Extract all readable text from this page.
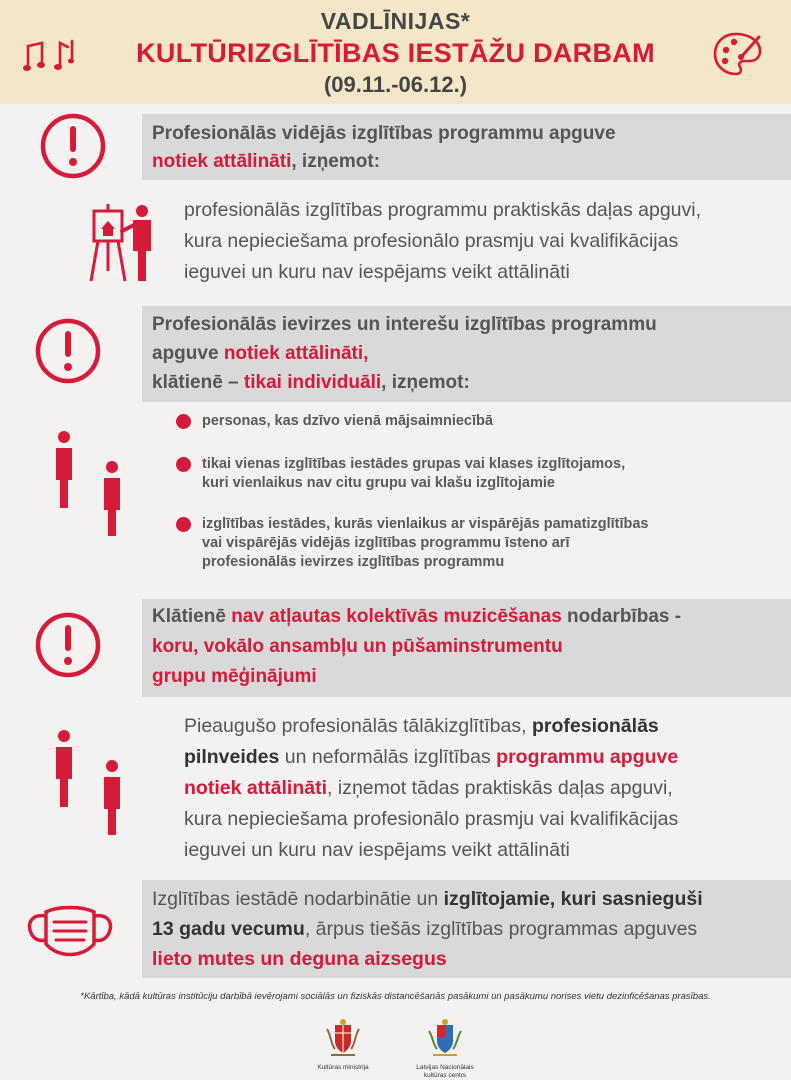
VADLĪNIJAS*
KULTŪRIZGLĪTĪBAS IESTĀŽU DARBAM
(09.11.-06.12.)
Profesionālās vidējās izglītības programmu apguve
notiek attālināti, izņemot:
profesionālās izglītības programmu praktiskās daļas apguvi,
kura nepieciešama profesionālo prasmju vai kvalifikācijas
ieguvei un kuru nav iespējams veikt attālināti
Profesionālās ievirzes un interešu izglītības programmu
apguve notiek attālināti,
klātienē – tikai individuāli, izņemot:
personas, kas dzīvo vienā mājsaimniecībā
tikai vienas izglītības iestādes grupas vai klases izglītojamos,
kuri vienlaikus nav citu grupu vai klašu izglītojamie
izglītības iestādes, kurās vienlaikus ar vispārējās pamatizglītības
vai vispārējās vidējās izglītības programmu īsteno arī
profesionālās ievirzes izglītības programmu
Klātienē nav atļautas kolektīvās muzicēšanas nodarbības -
koru, vokālo ansambļu un pūšaminstrumentu
grupu mēģinājumi
Pieaugušo profesionālās tālākizglītības, profesionālās
pilnveides un neformālās izglītības programmu apguve
notiek attālināti, izņemot tādas praktiskās daļas apguvi,
kura nepieciešama profesionālo prasmju vai kvalifikācijas
ieguvei un kuru nav iespējams veikt attālināti
Izglītības iestādē nodarbinātie un izglītojamie, kuri sasnieguši
13 gadu vecumu, ārpus tiešās izglītības programmas apguves
lieto mutes un deguna aizsegus
*Kārtība, kādā kultūras institūciju darbībā ievērojami sociālās un fiziskās distancēšanās pasākumi un pasākumu norises vietu dezinficēšanas prasības.
Kultūras ministrija	Latvijas Nacionālais
kultūras centrs
